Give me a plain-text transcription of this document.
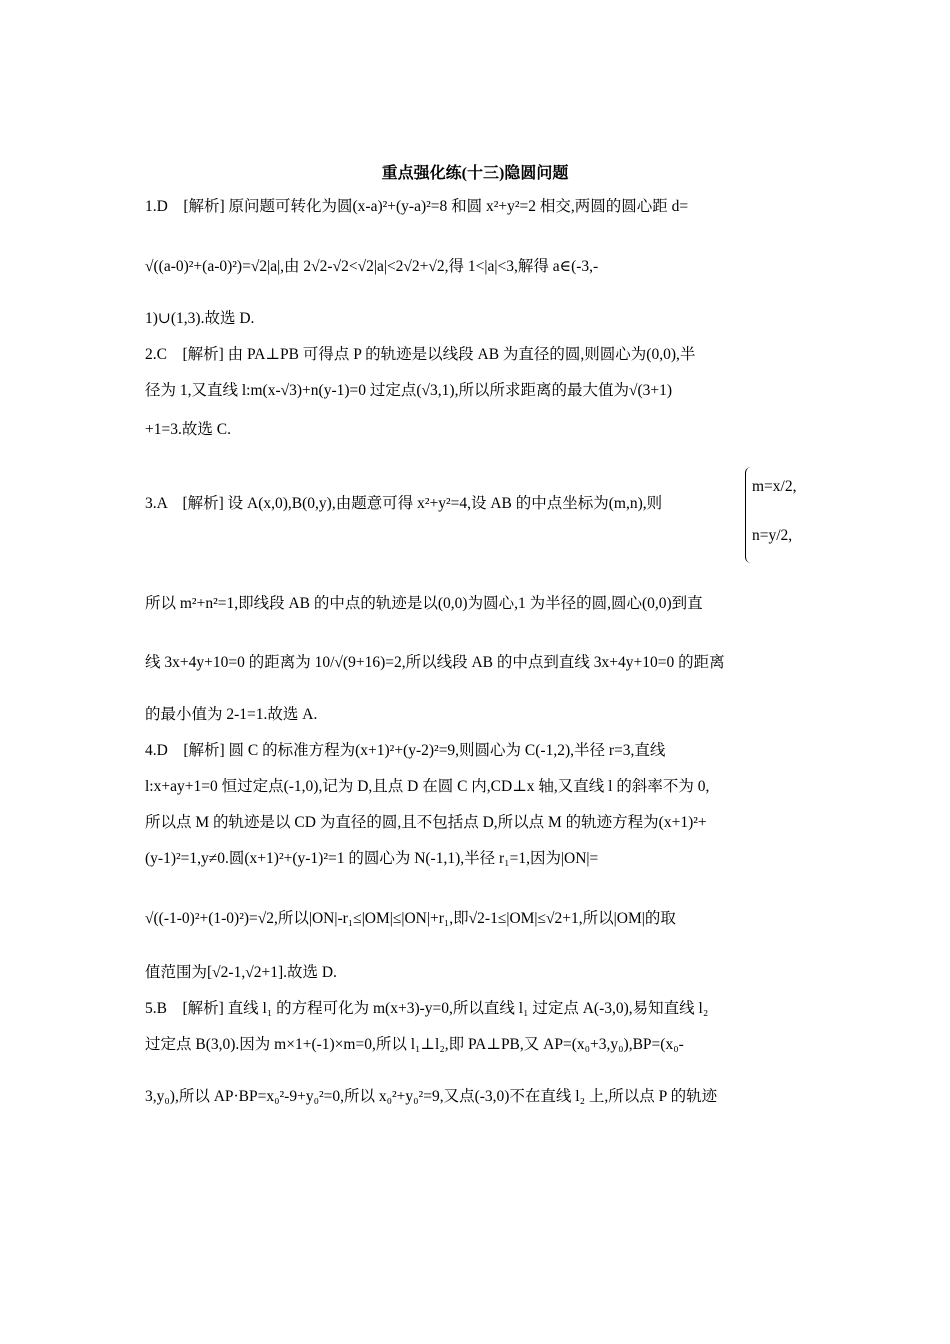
重点强化练(十三)隐圆问题
1.D　[解析] 原问题可转化为圆(x-a)²+(y-a)²=8 和圆 x²+y²=2 相交,两圆的圆心距 d=
√((a-0)²+(a-0)²)=√2|a|,由 2√2-√2<√2|a|<2√2+√2,得 1<|a|<3,解得 a∈(-3,-
1)∪(1,3).故选 D.
2.C　[解析] 由 PA⊥PB 可得点 P 的轨迹是以线段 AB 为直径的圆,则圆心为(0,0),半
径为 1,又直线 l:m(x-√3)+n(y-1)=0 过定点(√3,1),所以所求距离的最大值为√(3+1)
+1=3.故选 C.
3.A　[解析] 设 A(x,0),B(0,y),由题意可得 x²+y²=4,设 AB 的中点坐标为(m,n),则
m=x/2,
n=y/2,
所以 m²+n²=1,即线段 AB 的中点的轨迹是以(0,0)为圆心,1 为半径的圆,圆心(0,0)到直
线 3x+4y+10=0 的距离为 10/√(9+16)=2,所以线段 AB 的中点到直线 3x+4y+10=0 的距离
的最小值为 2-1=1.故选 A.
4.D　[解析] 圆 C 的标准方程为(x+1)²+(y-2)²=9,则圆心为 C(-1,2),半径 r=3,直线
l:x+ay+1=0 恒过定点(-1,0),记为 D,且点 D 在圆 C 内,CD⊥x 轴,又直线 l 的斜率不为 0,
所以点 M 的轨迹是以 CD 为直径的圆,且不包括点 D,所以点 M 的轨迹方程为(x+1)²+
(y-1)²=1,y≠0.圆(x+1)²+(y-1)²=1 的圆心为 N(-1,1),半径 r₁=1,因为|ON|=
√((-1-0)²+(1-0)²)=√2,所以|ON|-r₁≤|OM|≤|ON|+r₁,即√2-1≤|OM|≤√2+1,所以|OM|的取
值范围为[√2-1,√2+1].故选 D.
5.B　[解析] 直线 l₁ 的方程可化为 m(x+3)-y=0,所以直线 l₁ 过定点 A(-3,0),易知直线 l₂
过定点 B(3,0).因为 m×1+(-1)×m=0,所以 l₁⊥l₂,即 PA⊥PB,又 AP=(x₀+3,y₀),BP=(x₀-
3,y₀),所以 AP·BP=x₀²-9+y₀²=0,所以 x₀²+y₀²=9,又点(-3,0)不在直线 l₂ 上,所以点 P 的轨迹
